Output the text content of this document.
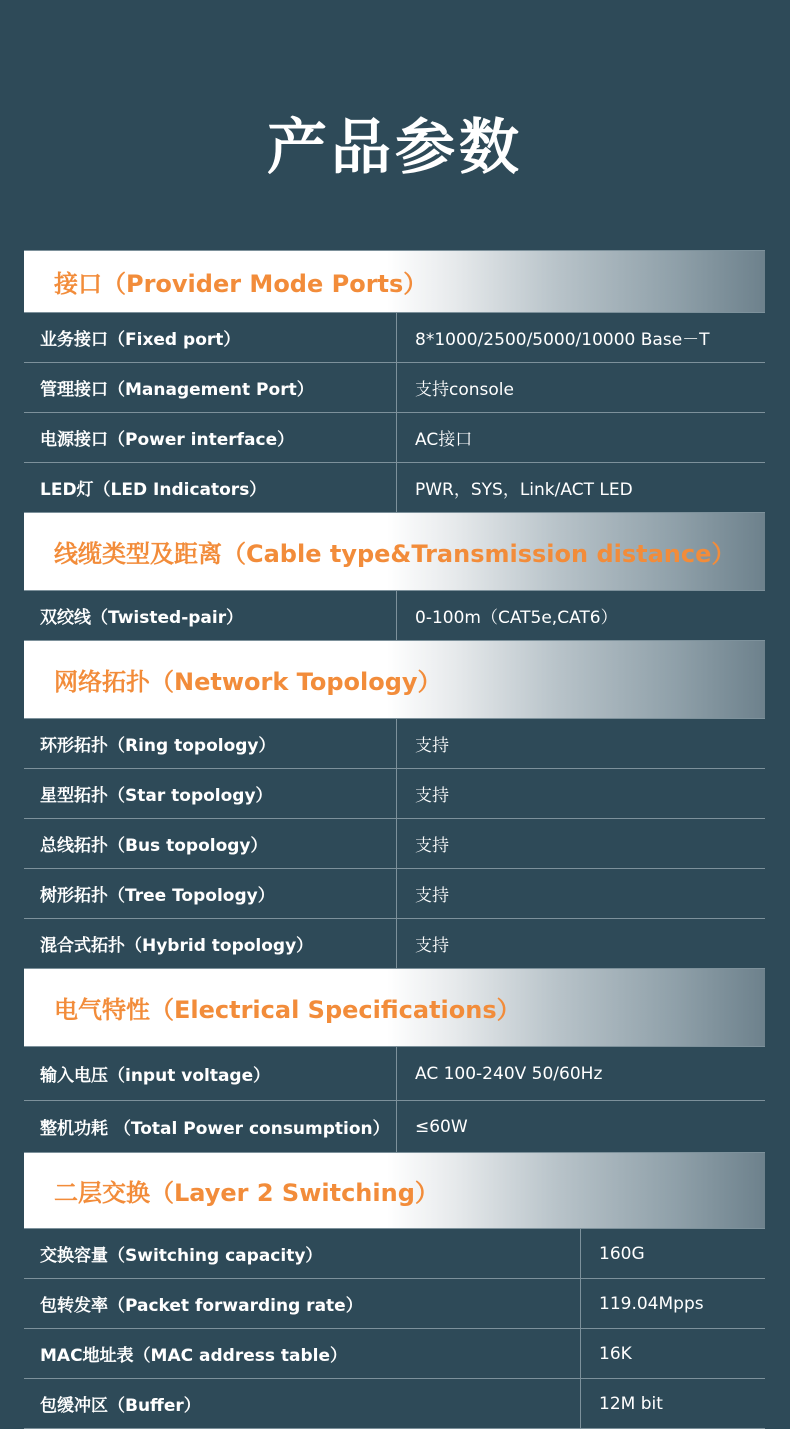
产品参数
接口（Provider Mode Ports）
业务接口（Fixed port）	8*1000/2500/5000/10000 Base－T
管理接口（Management Port）	支持console
电源接口（Power interface）	AC接口
LED灯（LED Indicators）	PWR，SYS，Link/ACT LED
线缆类型及距离（Cable type&Transmission distance）
双绞线（Twisted-pair）	0-100m（CAT5e,CAT6）
网络拓扑（Network Topology）
环形拓扑（Ring topology）	支持
星型拓扑（Star topology）	支持
总线拓扑（Bus topology）	支持
树形拓扑（Tree Topology）	支持
混合式拓扑（Hybrid topology）	支持
电气特性（Electrical Specifications）
输入电压（input voltage）	AC 100-240V 50/60Hz
整机功耗 （Total Power consumption）	≤60W
二层交换（Layer 2 Switching）
交换容量（Switching capacity）	160G
包转发率（Packet forwarding rate）	119.04Mpps
MAC地址表（MAC address table）	16K
包缓冲区（Buffer）	12M bit
